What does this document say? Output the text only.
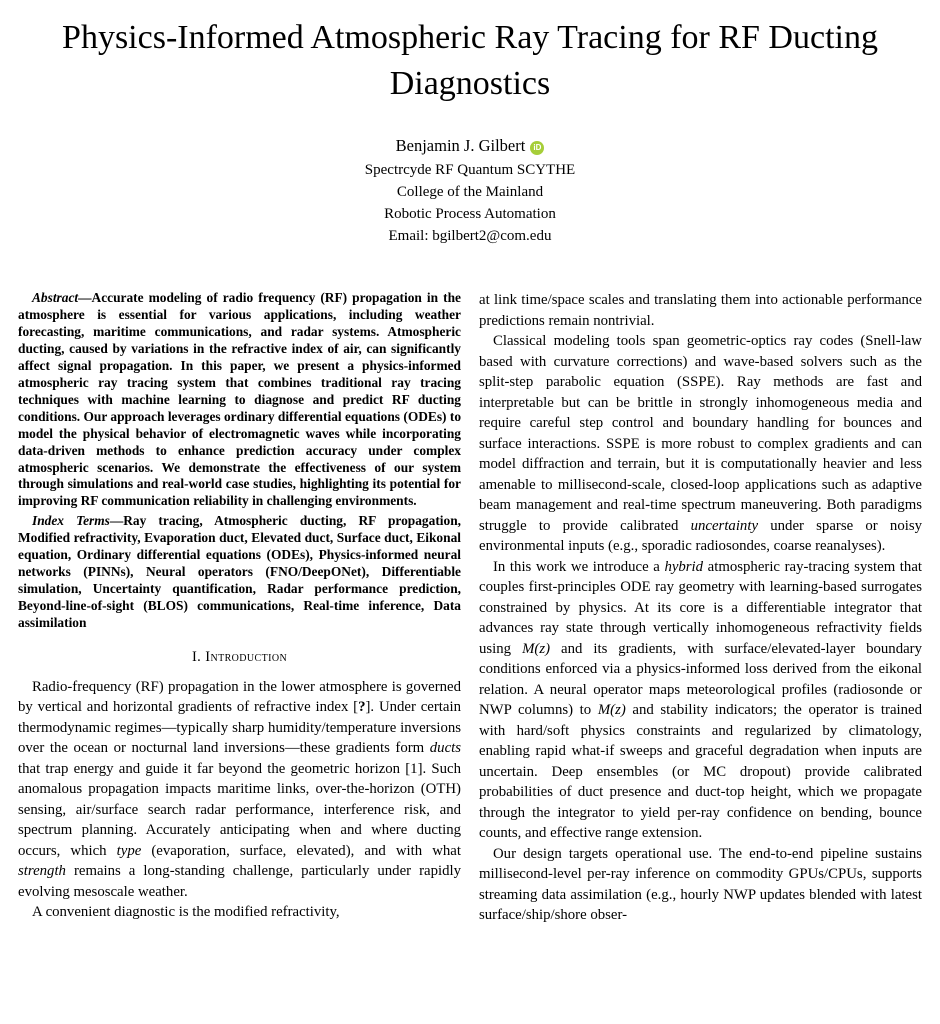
Physics-Informed Atmospheric Ray Tracing for RF Ducting Diagnostics
Benjamin J. Gilbert iD
Spectrcyde RF Quantum SCYTHE
College of the Mainland
Robotic Process Automation
Email: bgilbert2@com.edu

Abstract—Accurate modeling of radio frequency (RF) propagation in the atmosphere is essential for various applications, including weather forecasting, maritime communications, and radar systems. Atmospheric ducting, caused by variations in the refractive index of air, can significantly affect signal propagation. In this paper, we present a physics-informed atmospheric ray tracing system that combines traditional ray tracing techniques with machine learning to diagnose and predict RF ducting conditions. Our approach leverages ordinary differential equations (ODEs) to model the physical behavior of electromagnetic waves while incorporating data-driven methods to enhance prediction accuracy under complex atmospheric scenarios. We demonstrate the effectiveness of our system through simulations and real-world case studies, highlighting its potential for improving RF communication reliability in challenging environments.

Index Terms—Ray tracing, Atmospheric ducting, RF propagation, Modified refractivity, Evaporation duct, Elevated duct, Surface duct, Eikonal equation, Ordinary differential equations (ODEs), Physics-informed neural networks (PINNs), Neural operators (FNO/DeepONet), Differentiable simulation, Uncertainty quantification, Radar performance prediction, Beyond-line-of-sight (BLOS) communications, Real-time inference, Data assimilation

I. Introduction

Radio-frequency (RF) propagation in the lower atmosphere is governed by vertical and horizontal gradients of refractive index [?]. Under certain thermodynamic regimes—typically sharp humidity/temperature inversions over the ocean or nocturnal land inversions—these gradients form ducts that trap energy and guide it far beyond the geometric horizon [1]. Such anomalous propagation impacts maritime links, over-the-horizon (OTH) sensing, air/surface search radar performance, interference risk, and spectrum planning. Accurately anticipating when and where ducting occurs, which type (evaporation, surface, elevated), and with what strength remains a long-standing challenge, particularly under rapidly evolving mesoscale weather.

A convenient diagnostic is the modified refractivity,

at link time/space scales and translating them into actionable performance predictions remain nontrivial.

Classical modeling tools span geometric-optics ray codes (Snell-law based with curvature corrections) and wave-based solvers such as the split-step parabolic equation (SSPE). Ray methods are fast and interpretable but can be brittle in strongly inhomogeneous media and require careful step control and boundary handling for bounces and surface interactions. SSPE is more robust to complex gradients and can model diffraction and terrain, but it is computationally heavier and less amenable to millisecond-scale, closed-loop applications such as adaptive beam management and real-time spectrum maneuvering. Both paradigms struggle to provide calibrated uncertainty under sparse or noisy environmental inputs (e.g., sporadic radiosondes, coarse reanalyses).

In this work we introduce a hybrid atmospheric ray-tracing system that couples first-principles ODE ray geometry with learning-based surrogates constrained by physics. At its core is a differentiable integrator that advances ray state through vertically inhomogeneous refractivity fields using M(z) and its gradients, with surface/elevated-layer boundary conditions enforced via a physics-informed loss derived from the eikonal relation. A neural operator maps meteorological profiles (radiosonde or NWP columns) to M(z) and stability indicators; the operator is trained with hard/soft physics constraints and regularized by climatology, enabling rapid what-if sweeps and graceful degradation when inputs are uncertain. Deep ensembles (or MC dropout) provide calibrated probabilities of duct presence and duct-top height, which we propagate through the integrator to yield per-ray confidence on bending, bounce counts, and effective range extension.

Our design targets operational use. The end-to-end pipeline sustains millisecond-level per-ray inference on commodity GPUs/CPUs, supports streaming data assimilation (e.g., hourly NWP updates blended with latest surface/ship/shore obser-
